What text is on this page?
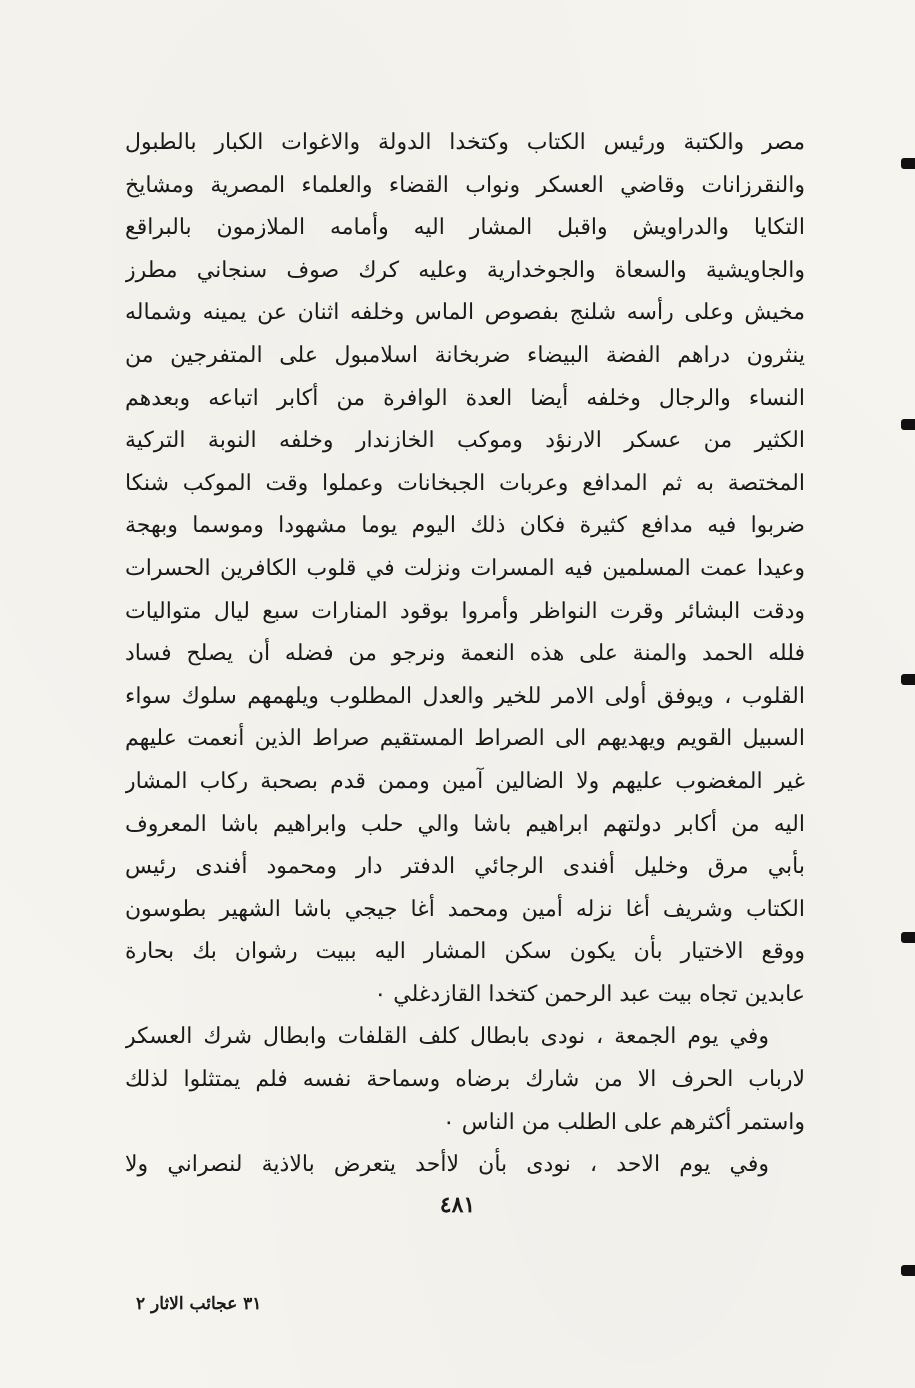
مصر والكتبة ورئيس الكتاب وكتخدا الدولة والاغوات الكبار بالطبول
والنقرزانات وقاضي العسكر ونواب القضاء والعلماء المصرية ومشايخ
التكايا والدراويش واقبل المشار اليه وأمامه الملازمون بالبراقع
والجاويشية والسعاة والجوخدارية وعليه كرك صوف سنجاني مطرز
مخيش وعلى رأسه شلنج بفصوص الماس وخلفه اثنان عن يمينه وشماله
ينثرون دراهم الفضة البيضاء ضربخانة اسلامبول على المتفرجين من
النساء والرجال وخلفه أيضا العدة الوافرة من أكابر اتباعه وبعدهم
الكثير من عسكر الارنؤد وموكب الخازندار وخلفه النوبة التركية
المختصة به ثم المدافع وعربات الجبخانات وعملوا وقت الموكب شنكا
ضربوا فيه مدافع كثيرة فكان ذلك اليوم يوما مشهودا وموسما وبهجة
وعيدا عمت المسلمين فيه المسرات ونزلت في قلوب الكافرين الحسرات
ودقت البشائر وقرت النواظر وأمروا بوقود المنارات سبع ليال متواليات
فلله الحمد والمنة على هذه النعمة ونرجو من فضله أن يصلح فساد
القلوب ، ويوفق أولى الامر للخير والعدل المطلوب ويلهمهم سلوك سواء
السبيل القويم ويهديهم الى الصراط المستقيم صراط الذين أنعمت عليهم
غير المغضوب عليهم ولا الضالين آمين وممن قدم بصحبة ركاب المشار
اليه من أكابر دولتهم ابراهيم باشا والي حلب وابراهيم باشا المعروف
بأبي مرق وخليل أفندى الرجائي الدفتر دار ومحمود أفندى رئيس
الكتاب وشريف أغا نزله أمين ومحمد أغا جيجي باشا الشهير بطوسون
ووقع الاختيار بأن يكون سكن المشار اليه ببيت رشوان بك بحارة
عابدين تجاه بيت عبد الرحمن كتخدا القازدغلي ٠
وفي يوم الجمعة ، نودى بابطال كلف القلفات وابطال شرك العسكر
لارباب الحرف الا من شارك برضاه وسماحة نفسه فلم يمتثلوا لذلك
واستمر أكثرهم على الطلب من الناس ٠
وفي يوم الاحد ، نودى بأن لاأحد يتعرض بالاذية لنصراني ولا
٤٨١
٣١ عجائب الاثار ٢
